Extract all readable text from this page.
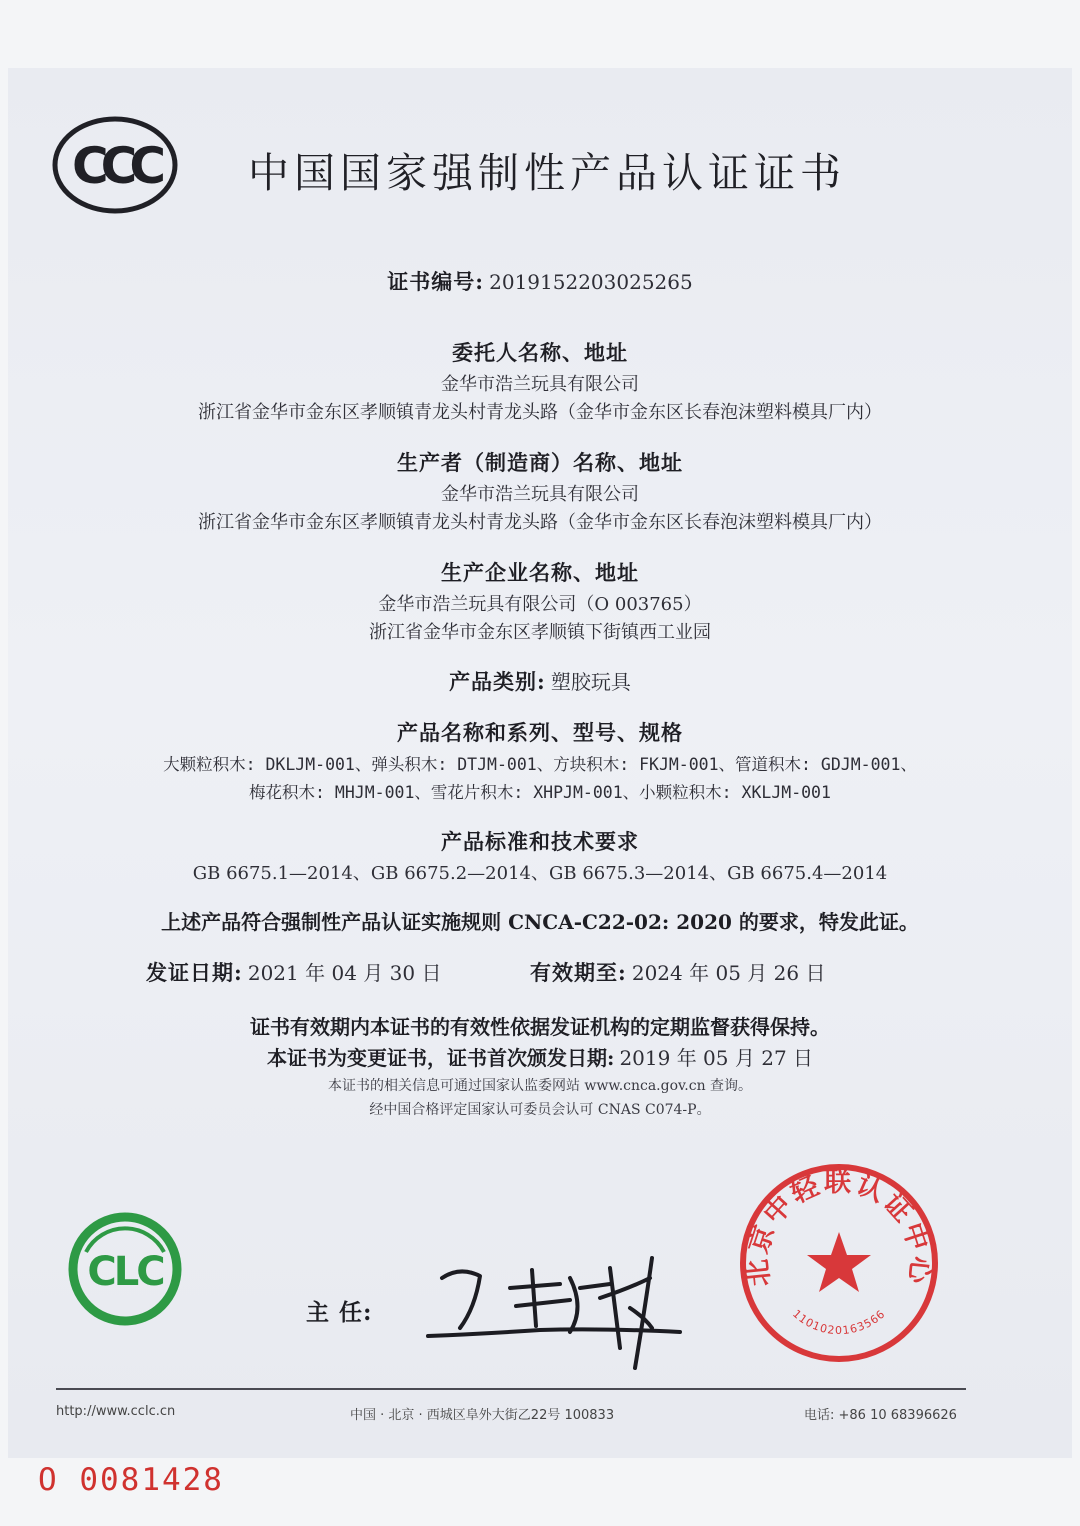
CCC 中国国家强制性产品认证证书
证书编号: 2019152203025265
委托人名称、地址
金华市浩兰玩具有限公司
浙江省金华市金东区孝顺镇青龙头村青龙头路（金华市金东区长春泡沫塑料模具厂内）
生产者（制造商）名称、地址
金华市浩兰玩具有限公司
浙江省金华市金东区孝顺镇青龙头村青龙头路（金华市金东区长春泡沫塑料模具厂内）
生产企业名称、地址
金华市浩兰玩具有限公司（O 003765）
浙江省金华市金东区孝顺镇下街镇西工业园
产品类别: 塑胶玩具
产品名称和系列、型号、规格
大颗粒积木: DKLJM-001、弹头积木: DTJM-001、方块积木: FKJM-001、管道积木: GDJM-001、
梅花积木: MHJM-001、雪花片积木: XHPJM-001、小颗粒积木: XKLJM-001
产品标准和技术要求
GB 6675.1—2014、GB 6675.2—2014、GB 6675.3—2014、GB 6675.4—2014
上述产品符合强制性产品认证实施规则 CNCA-C22-02: 2020 的要求，特发此证。
发证日期: 2021 年 04 月 30 日	有效期至: 2024 年 05 月 26 日
证书有效期内本证书的有效性依据发证机构的定期监督获得保持。
本证书为变更证书，证书首次颁发日期: 2019 年 05 月 27 日
本证书的相关信息可通过国家认监委网站 www.cnca.gov.cn 查询。
经中国合格评定国家认可委员会认可 CNAS C074-P。
CLC
主 任:
北京中轻联认证中心
1101020163566
http://www.cclc.cn	中国 · 北京 · 西城区阜外大街乙22号 100833	电话: +86 10 68396626
O 0081428
